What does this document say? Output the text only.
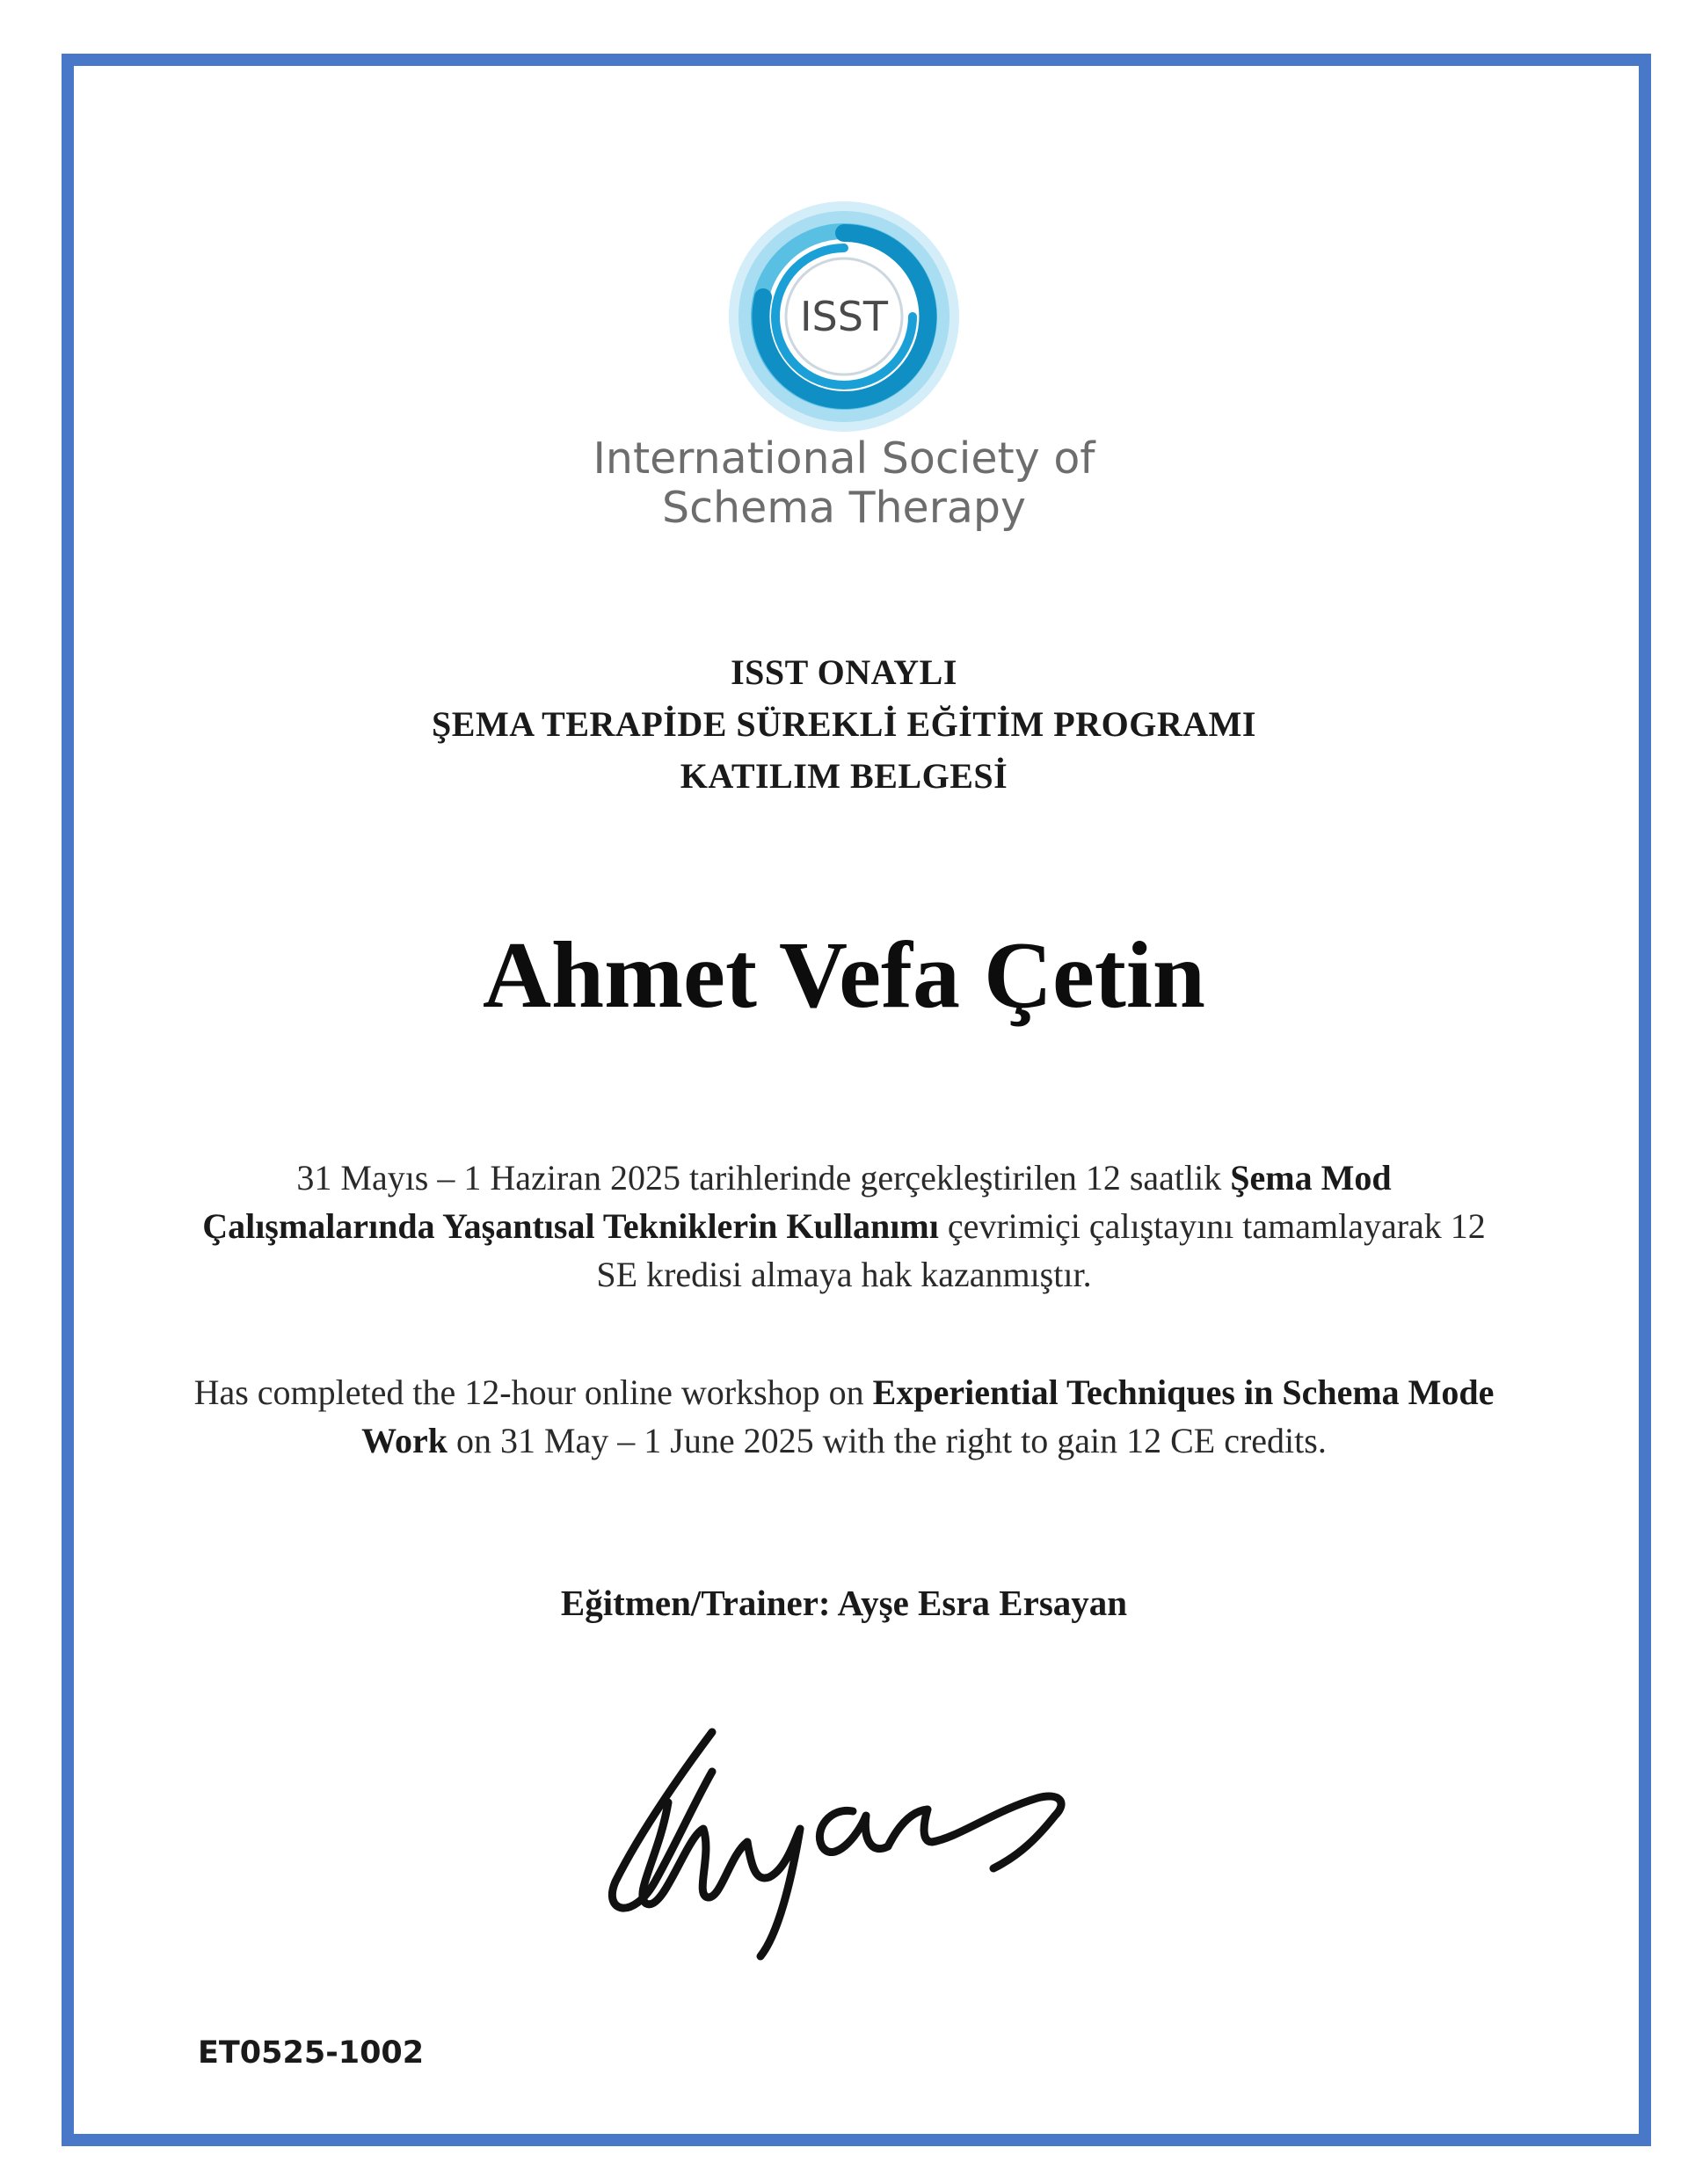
ISST
International Society of
Schema Therapy
ISST ONAYLI
ŞEMA TERAPİDE SÜREKLİ EĞİTİM PROGRAMI
KATILIM BELGESİ
Ahmet Vefa Çetin
31 Mayıs – 1 Haziran 2025 tarihlerinde gerçekleştirilen 12 saatlik Şema Mod Çalışmalarında Yaşantısal Tekniklerin Kullanımı çevrimiçi çalıştayını tamamlayarak 12 SE kredisi almaya hak kazanmıştır.
Has completed the 12-hour online workshop on Experiential Techniques in Schema Mode Work on 31 May – 1 June 2025 with the right to gain 12 CE credits.
Eğitmen/Trainer: Ayşe Esra Ersayan
ET0525-1002
